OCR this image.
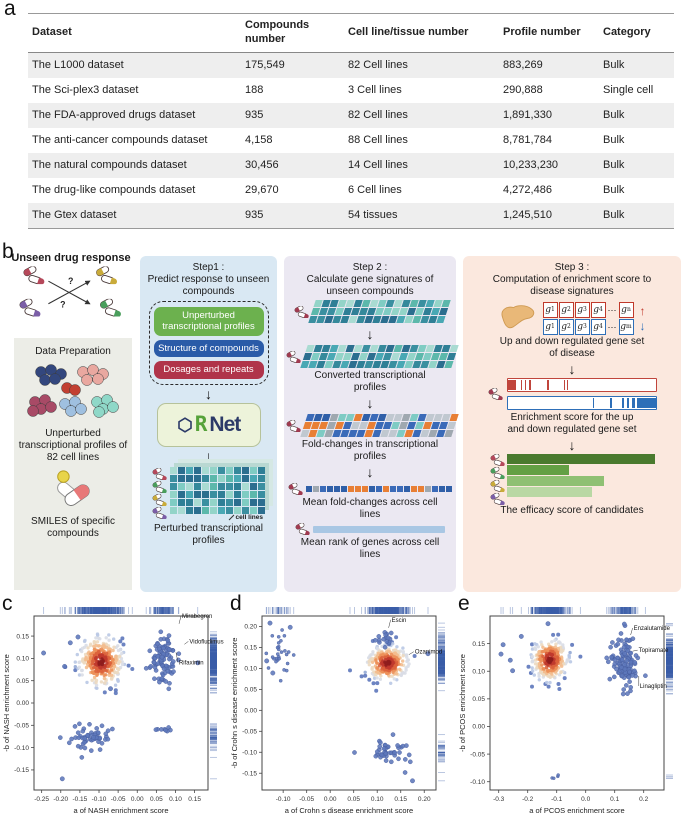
a
Dataset	Compounds number	Cell line/tissue number	Profile number	Category
The L1000 dataset	175,549	82 Cell lines	883,269	Bulk
The Sci-plex3 dataset	188	3 Cell lines	290,888	Single cell
The FDA-approved drugs dataset	935	82 Cell lines	1,891,330	Bulk
The anti-cancer compounds dataset	4,158	88 Cell lines	8,781,784	Bulk
The natural compounds dataset	30,456	14 Cell lines	10,233,230	Bulk
The drug-like compounds dataset	29,670	6 Cell lines	4,272,486	Bulk
The Gtex dataset	935	54 tissues	1,245,510	Bulk
b
Unseen drug response
?
?
Data Preparation
Unperturbed transcriptional profiles of 82 cell lines
SMILES of specific compounds
Step1 :
Predict response to unseen compounds
Unperturbed transcriptional profiles
Structure of compounds
Dosages and repeats
↓
R Net
↓
cell lines
Perturbed transcriptional profiles
Step 2 :
Calculate gene signatures of unseen compounds
↓
Converted transcriptional profiles
↓
Fold-changes in transcriptional profiles
↓
Mean fold-changes across cell lines
Mean rank of genes across cell lines
Step 3 :
Computation of enrichment score to disease signatures
g 1 g 2 g 3 g 4 ⋯ g n
g 1 g 2 g 3 g 4 ⋯ g m
↑
↓
Up and down regulated gene set of disease
↓
Enrichment score for the up and down regulated gene set
↓
The efficacy score of candidates
c
-0.25 -0.20 -0.15 -0.10 -0.05 0.00 0.05 0.10 0.15
-0.15
-0.10
-0.05
0.00
0.05
0.10
0.15
a of NASH enrichment score
-b of NASH enrichment score
Mirabegron
Vidofludimus
Rifaximin
d
-0.10 -0.05 0.00 0.05 0.10 0.15 0.20
-0.15
-0.10
-0.05
0.00
0.05
0.10
0.15
0.20
a of Crohn s disease enrichment score
-b of Crohn s disease enrichment score
Escin
Ozanimod
e
-0.3	-0.2	-0.1	0.0	0.1	0.2
-0.10
-0.05
0.00
0.05
0.10
0.15
a of PCOS enrichment score
-b of PCOS enrichment score
Enzalutamide
Topiramate
Linagliptin
